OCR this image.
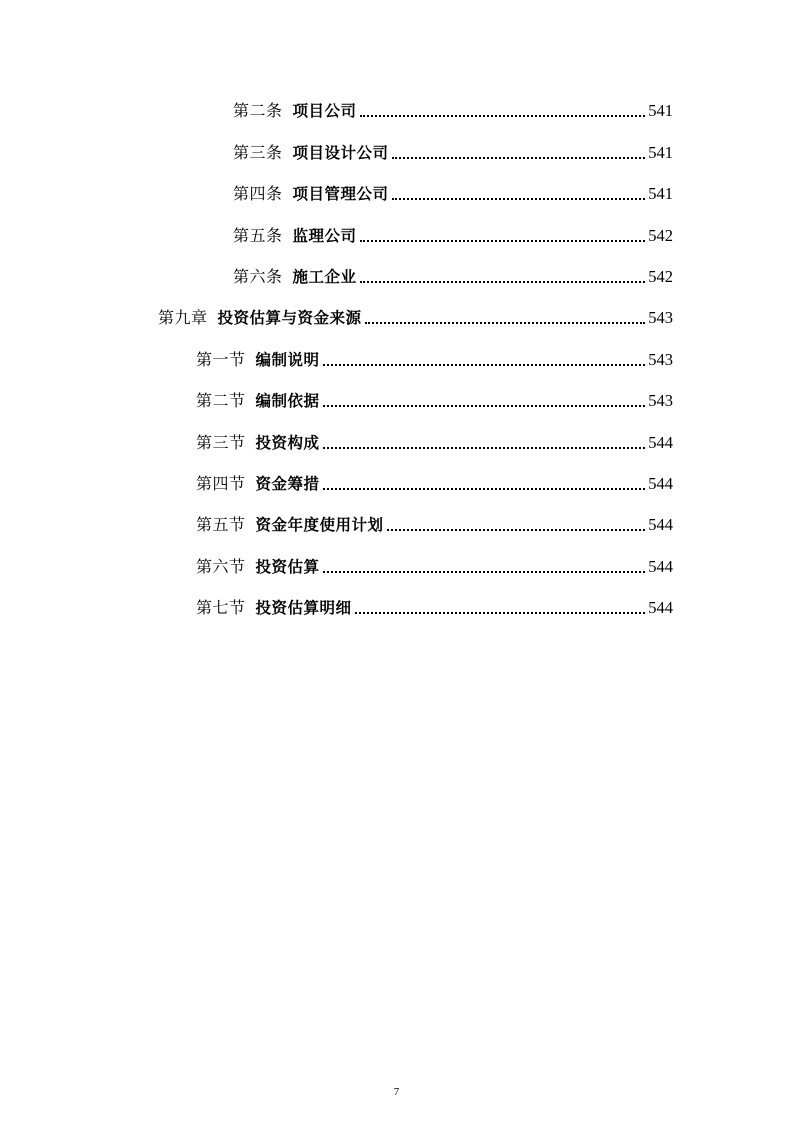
第二条 项目公司	541
第三条 项目设计公司	541
第四条 项目管理公司	541
第五条 监理公司	542
第六条 施工企业	542
第九章 投资估算与资金来源	543
第一节 编制说明	543
第二节 编制依据	543
第三节 投资构成	544
第四节 资金筹措	544
第五节 资金年度使用计划	544
第六节 投资估算	544
第七节 投资估算明细	544
7
